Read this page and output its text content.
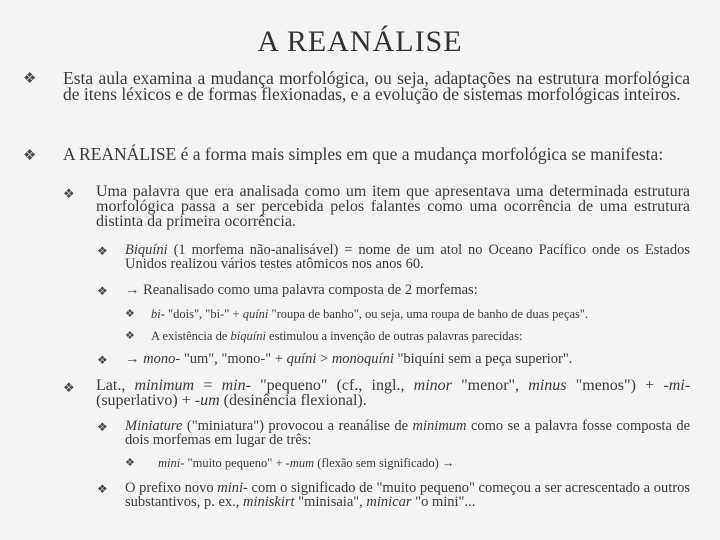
A REANÁLISE
❖ Esta aula examina a mudança morfológica, ou seja, adaptações na estrutura morfológica de itens léxicos e de formas flexionadas, e a evolução de sistemas morfológicas inteiros.
❖ A REANÁLISE é a forma mais simples em que a mudança morfológica se manifesta:
❖ Uma palavra que era analisada como um item que apresentava uma determinada estrutura morfológica passa a ser percebida pelos falantes como uma ocorrência de uma estrutura distinta da primeira ocorrência.
❖ Biquíni (1 morfema não-analisável) = nome de um atol no Oceano Pacífico onde os Estados Unidos realizou vários testes atômicos nos anos 60.
❖ → Reanalisado como uma palavra composta de 2 morfemas:
❖ bi- "dois", "bi-" + quíni "roupa de banho", ou seja, uma roupa de banho de duas peças".
❖ A existência de biquíni estimulou a invenção de outras palavras parecidas:
❖ → mono- "um", "mono-" + quíni > monoquíni "biquíni sem a peça superior".
❖ Lat., minimum = min- "pequeno" (cf., ingl., minor "menor", minus "menos") + -mi- (superlativo) + -um (desinência flexional).
❖ Miniature ("miniatura") provocou a reanálise de minimum como se a palavra fosse composta de dois morfemas em lugar de três:
❖ mini- "muito pequeno" + -mum (flexão sem significado) →
❖ O prefixo novo mini- com o significado de "muito pequeno" começou a ser acrescentado a outros substantivos, p. ex., miniskirt "minisaia", minicar "o mini"...
